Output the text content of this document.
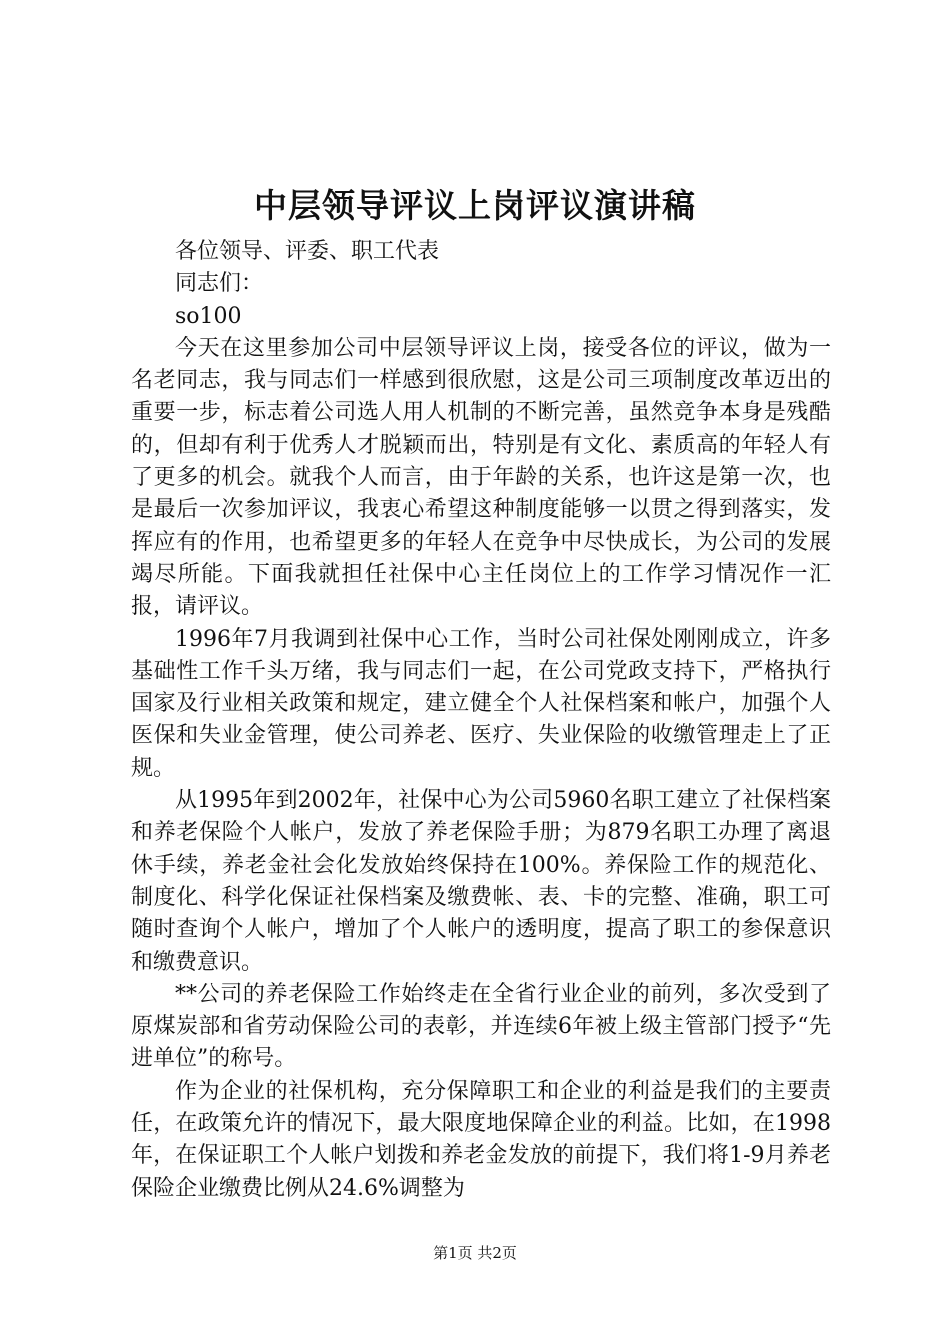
中层领导评议上岗评议演讲稿

各位领导、评委、职工代表

同志们：

so100

今天在这里参加公司中层领导评议上岗，接受各位的评议，做为一名老同志，我与同志们一样感到很欣慰，这是公司三项制度改革迈出的重要一步，标志着公司选人用人机制的不断完善，虽然竞争本身是残酷的，但却有利于优秀人才脱颖而出，特别是有文化、素质高的年轻人有了更多的机会。就我个人而言，由于年龄的关系，也许这是第一次，也是最后一次参加评议，我衷心希望这种制度能够一以贯之得到落实，发挥应有的作用，也希望更多的年轻人在竞争中尽快成长，为公司的发展竭尽所能。下面我就担任社保中心主任岗位上的工作学习情况作一汇报，请评议。

1996年7月我调到社保中心工作，当时公司社保处刚刚成立，许多基础性工作千头万绪，我与同志们一起，在公司党政支持下，严格执行国家及行业相关政策和规定，建立健全个人社保档案和帐户，加强个人医保和失业金管理，使公司养老、医疗、失业保险的收缴管理走上了正规。

从1995年到2002年，社保中心为公司5960名职工建立了社保档案和养老保险个人帐户，发放了养老保险手册；为879名职工办理了离退休手续，养老金社会化发放始终保持在100%。养保险工作的规范化、制度化、科学化保证社保档案及缴费帐、表、卡的完整、准确，职工可随时查询个人帐户，增加了个人帐户的透明度，提高了职工的参保意识和缴费意识。

**公司的养老保险工作始终走在全省行业企业的前列，多次受到了原煤炭部和省劳动保险公司的表彰，并连续6年被上级主管部门授予“先进单位”的称号。

作为企业的社保机构，充分保障职工和企业的利益是我们的主要责任，在政策允许的情况下，最大限度地保障企业的利益。比如，在1998年，在保证职工个人帐户划拨和养老金发放的前提下，我们将1-9月养老保险企业缴费比例从24.6%调整为

第1页 共2页
